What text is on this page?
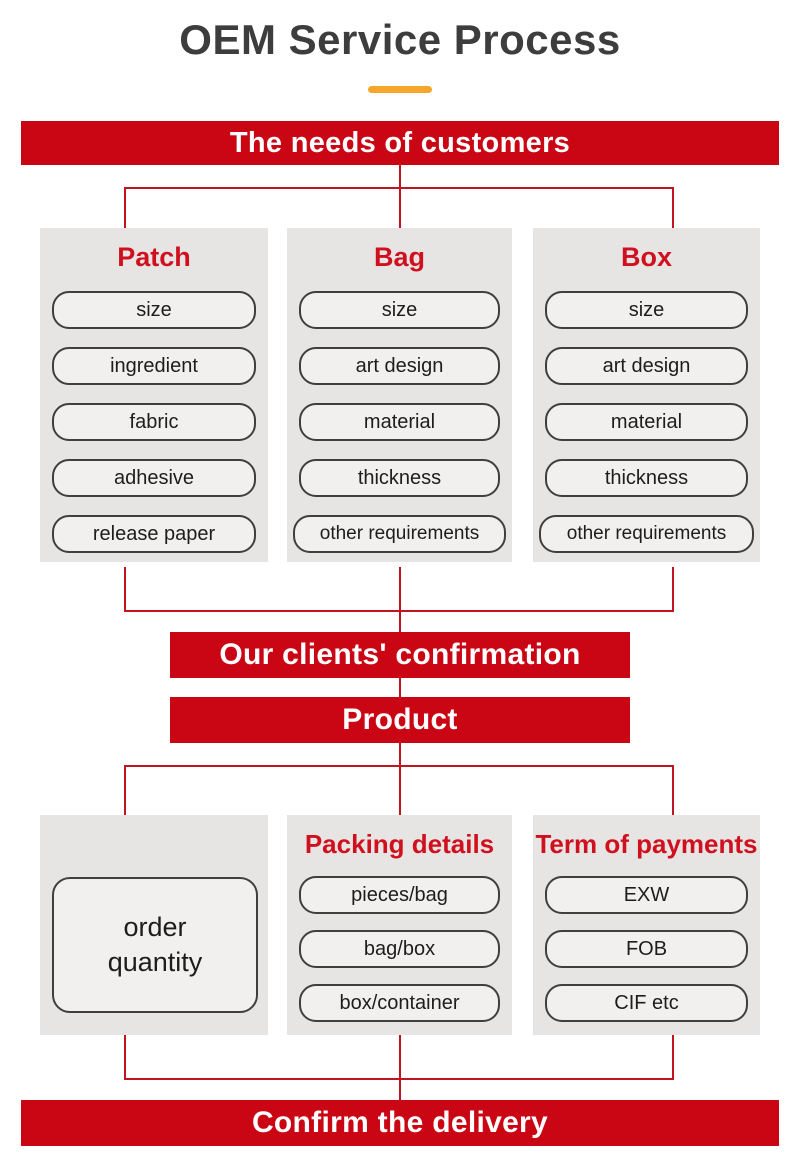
OEM Service Process
The needs of customers
Patch
size
ingredient
fabric
adhesive
release paper
Bag
size
art design
material
thickness
other requirements
Box
size
art design
material
thickness
other requirements
Our clients' confirmation
Product
order quantity
Packing details
pieces/bag
bag/box
box/container
Term of payments
EXW
FOB
CIF etc
Confirm the delivery
